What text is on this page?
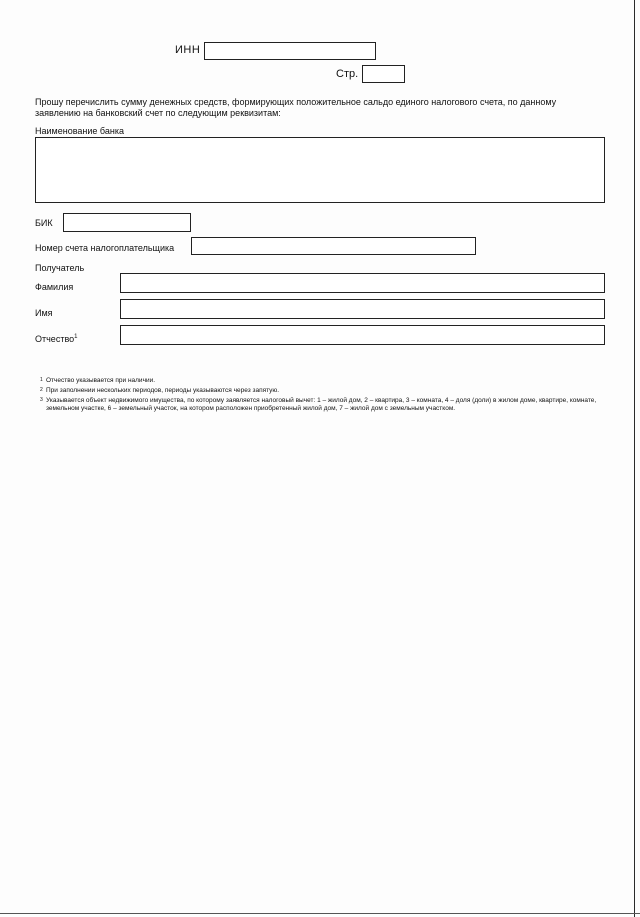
ИНН
Стр.
Прошу перечислить сумму денежных средств, формирующих положительное сальдо единого налогового счета, по данному заявлению на банковский счет по следующим реквизитам:
Наименование банка
БИК
Номер счета налогоплательщика
Получатель
Фамилия
Имя
Отчество$^1$
1 Отчество указывается при наличии.
2 При заполнении нескольких периодов, периоды указываются через запятую.
3 Указывается объект недвижимого имущества, по которому заявляется налоговый вычет: 1 – жилой дом, 2 – квартира, 3 – комната, 4 – доля (доли) в жилом доме, квартире, комнате, земельном участке, 6 – земельный участок, на котором расположен приобретенный жилой дом, 7 – жилой дом с земельным участком.
